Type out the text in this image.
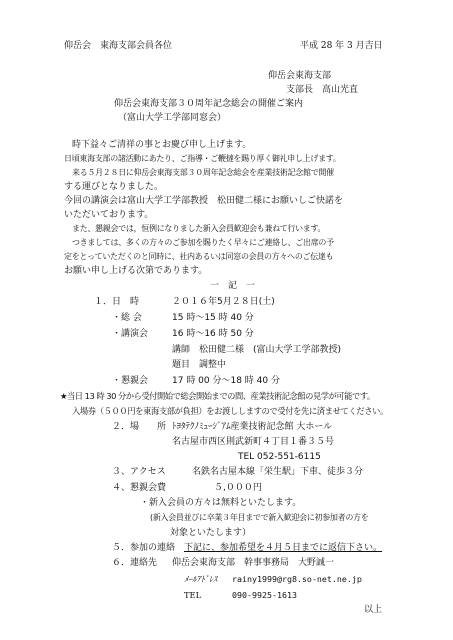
仰岳会　東海支部会員各位	平成 28 年 3 月吉日
仰岳会東海支部
支部長　高山光直
仰岳会東海支部３０周年記念総会の開催ご案内
（富山大学工学部同窓会）
時下益々ご清祥の事とお慶び申し上げます。
日頃東海支部の諸活動にあたり、ご指導・ご鞭撻を賜り厚く御礼申し上げます。
来る５月２８日に仰岳会東海支部３０周年記念総会を産業技術記念館で開催
する運びとなりました。
今回の講演会は富山大学工学部教授　松田健二様にお願いしご快諾を
いただいております。
また、懇親会では，恒例になりました新入会員歓迎会も兼ねて行います。
つきましては、多くの方々のご参加を賜りたく早々にご連絡し、ご出席の予
定をとっていただくのと同時に、社内あるいは同窓の会員の方々へのご伝達も
お願い申し上げる次第であります。
一　記　一
１．日　時	２０１６年5月２８日(土)
・総 会	15 時～15 時 40 分
・講演会	16 時～16 時 50 分
講師　松田健二様　(富山大学工学部教授)
題目　調整中
・懇親会	17 時 00 分～18 時 40 分
★当日 13 時 30 分から受付開始で総会開始までの間、産業技術記念館の見学が可能です。
入場券（５００円を東海支部が負担）をお渡ししますので受付を先に済ませてください。
２．場　　所 ﾄﾖﾀﾃｸﾉﾐｭｰｼﾞｱﾑ産業技術記念館 大ホール
名古屋市西区則武新町４丁目１番３５号
TEL 052-551-6115
３、アクセス	名鉄名古屋本線「栄生駅」下車、徒歩３分
４、懇親会費	５,０００円
・新入会員の方々は無料といたします。
(新入会員並びに卒業３年目までで新入歓迎会に初参加者の方を
対象といたします）
５．参加の連絡 下記に、参加希望を４月５日までに返信下さい。
６．連絡先 仰岳会東海支部　幹事事務局　大野誠一
ﾒｰﾙｱﾄﾞﾚｽ rainy1999@rg8.so-net.ne.jp
TEL	090-9925-1613
以上
